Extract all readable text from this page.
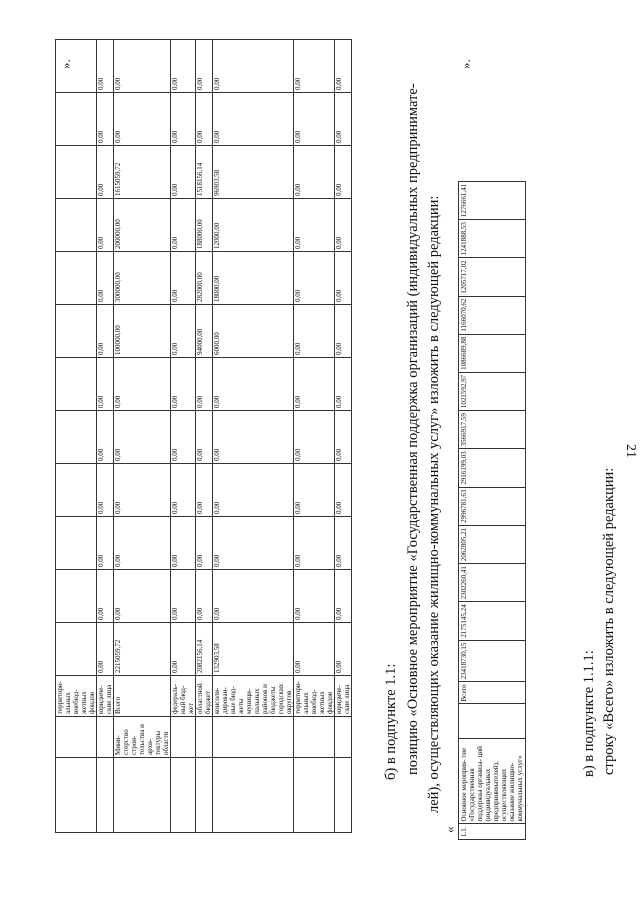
21
		территори- альных внебюд- жетных фондов												
		юридиче- ские лица	0,00	0,00	0,00	0,00	0,00	0,00	0,00	0,00	0,00	0,00	0,00	0,00
	Мини- стерство строи- тельства и архи- тектуры области	Всего	2215059,72	0,00	0,00	0,00	0,00	0,00	100000,00	300000,00	200000,00	1615059,72	0,00	0,00
		федераль- ный бюд- жет	0,00	0,00	0,00	0,00	0,00	0,00	0,00	0,00	0,00	0,00	0,00	0,00
		областной бюджет	2082156,14	0,00	0,00	0,00	0,00	0,00	94000,00	282000,00	188000,00	1518156,14	0,00	0,00
		консоли- дирован- ные бюд- жеты муници- пальных районов и бюджеты городских округов	132903,58	0,00	0,00	0,00	0,00	0,00	6000,00	18000,00	12000,00	96903,58	0,00	0,00
		территори- альных внебюд- жетных фондов	0,00	0,00	0,00	0,00	0,00	0,00	0,00	0,00	0,00	0,00	0,00	0,00
		юридиче- ские лица	0,00	0,00	0,00	0,00	0,00	0,00	0,00	0,00	0,00	0,00	0,00	0,00
».
б) в подпункте 1.1: позицию «Основное мероприятие «Государственная поддержка организаций (индивидуальных предпринимате- лей), осуществляющих оказание жилищно-коммунальных услуг» изложить в следующей редакции:
« 1.1.	Основное мероприя- тие «Государственная поддержка организа- ций (индивидуальных предпринимателей), осуществляющих оказание жилищно- коммунальных услуг»		Всего	23418730,15	2175145,24	2302260,41	2062805,21	2996781,63	2916199,03	3566917,59	1021592,97	1086689,88	1166070,62	1205717,02	1241888,53	1276661,41
».
в) в подпункте 1.1.1: строку «Всего» изложить в следующей редакции:
